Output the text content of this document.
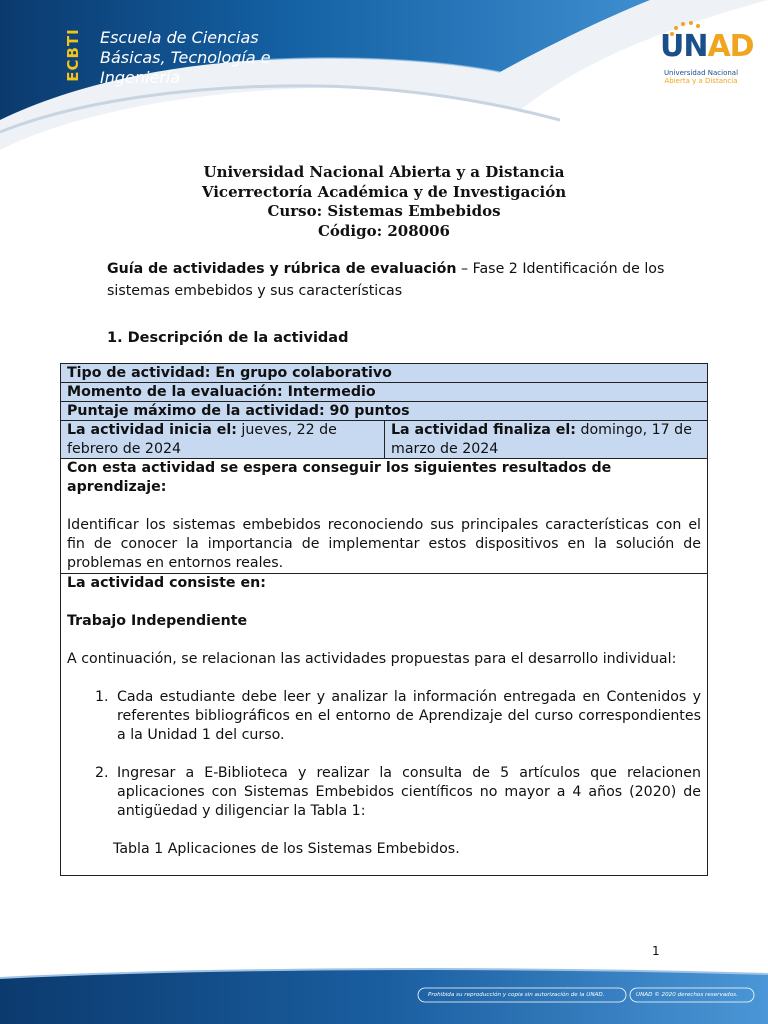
ECBTI Escuela de Ciencias
Básicas, Tecnología e
Ingeniería
UNAD
Universidad Nacional
Abierta y a Distancia
Universidad Nacional Abierta y a Distancia
Vicerrectoría Académica y de Investigación
Curso: Sistemas Embebidos
Código: 208006
Guía de actividades y rúbrica de evaluación – Fase 2 Identificación de los sistemas embebidos y sus características
1. Descripción de la actividad
Tipo de actividad: En grupo colaborativo
Momento de la evaluación: Intermedio
Puntaje máximo de la actividad: 90 puntos
La actividad inicia el: jueves, 22 de febrero de 2024
La actividad finaliza el: domingo, 17 de marzo de 2024
Con esta actividad se espera conseguir los siguientes resultados de aprendizaje:
Identificar los sistemas embebidos reconociendo sus principales características con el fin de conocer la importancia de implementar estos dispositivos en la solución de problemas en entornos reales.
La actividad consiste en:
Trabajo Independiente
A continuación, se relacionan las actividades propuestas para el desarrollo individual:
1. Cada estudiante debe leer y analizar la información entregada en Contenidos y referentes bibliográficos en el entorno de Aprendizaje del curso correspondientes a la Unidad 1 del curso.
2. Ingresar a E-Biblioteca y realizar la consulta de 5 artículos que relacionen aplicaciones con Sistemas Embebidos científicos no mayor a 4 años (2020) de antigüedad y diligenciar la Tabla 1:
Tabla 1 Aplicaciones de los Sistemas Embebidos.
1
Prohibida su reproducción y copia sin autorización de la UNAD.	UNAD © 2020 derechos reservados.
